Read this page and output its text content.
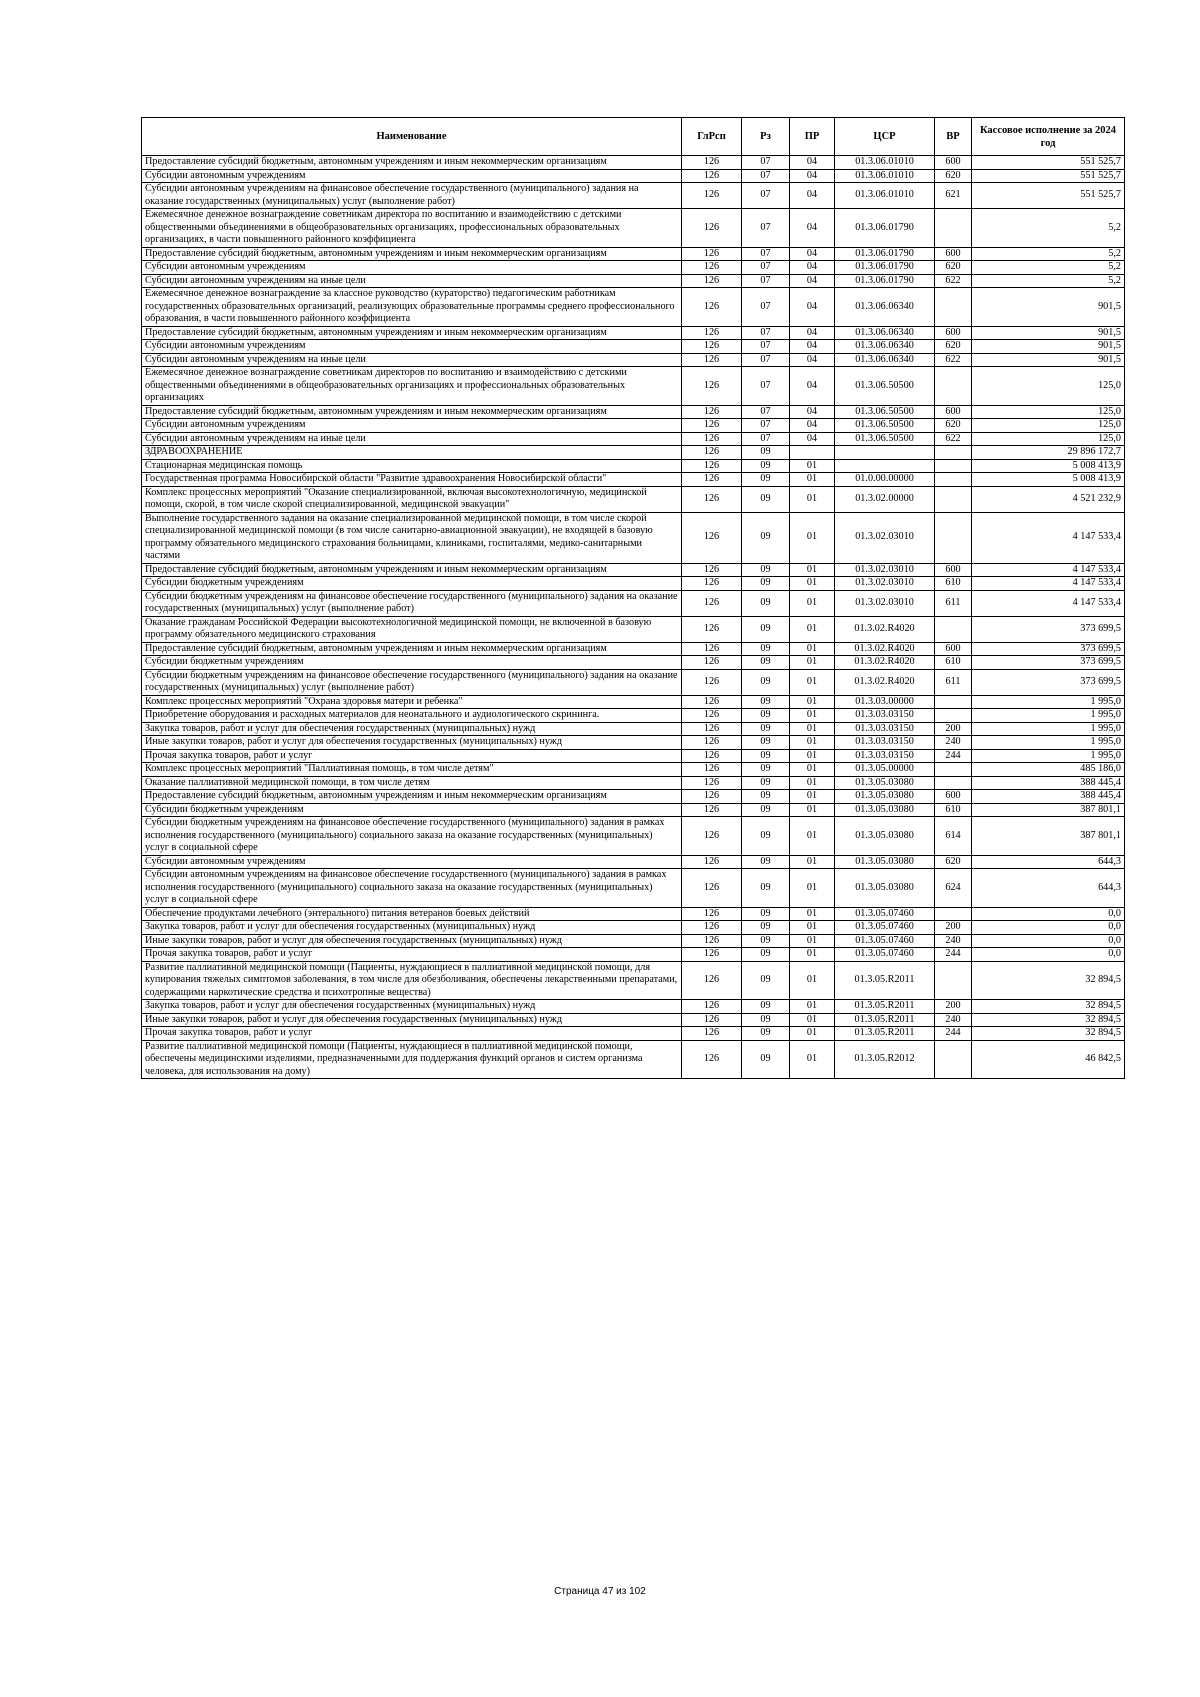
Наименование	ГлРсп	Рз	ПР	ЦСР	ВР	Кассовое исполнение за 2024 год
Предоставление субсидий бюджетным, автономным учреждениям и иным некоммерческим организациям	126	07	04	01.3.06.01010	600	551 525,7
Субсидии автономным учреждениям	126	07	04	01.3.06.01010	620	551 525,7
Субсидии автономным учреждениям на финансовое обеспечение государственного (муниципального) задания на оказание государственных (муниципальных) услуг (выполнение работ)	126	07	04	01.3.06.01010	621	551 525,7
Ежемесячное денежное вознаграждение советникам директора по воспитанию и взаимодействию с детскими общественными объединениями в общеобразовательных организациях, профессиональных образовательных организациях, в части повышенного районного коэффициента	126	07	04	01.3.06.01790		5,2
Предоставление субсидий бюджетным, автономным учреждениям и иным некоммерческим организациям	126	07	04	01.3.06.01790	600	5,2
Субсидии автономным учреждениям	126	07	04	01.3.06.01790	620	5,2
Субсидии автономным учреждениям на иные цели	126	07	04	01.3.06.01790	622	5,2
Ежемесячное денежное вознаграждение за классное руководство (кураторство) педагогическим работникам государственных образовательных организаций, реализующих образовательные программы среднего профессионального образования, в части повышенного районного коэффициента	126	07	04	01.3.06.06340		901,5
Предоставление субсидий бюджетным, автономным учреждениям и иным некоммерческим организациям	126	07	04	01.3.06.06340	600	901,5
Субсидии автономным учреждениям	126	07	04	01.3.06.06340	620	901,5
Субсидии автономным учреждениям на иные цели	126	07	04	01.3.06.06340	622	901,5
Ежемесячное денежное вознаграждение советникам директоров по воспитанию и взаимодействию с детскими общественными объединениями в общеобразовательных организациях и профессиональных образовательных организациях	126	07	04	01.3.06.50500		125,0
Предоставление субсидий бюджетным, автономным учреждениям и иным некоммерческим организациям	126	07	04	01.3.06.50500	600	125,0
Субсидии автономным учреждениям	126	07	04	01.3.06.50500	620	125,0
Субсидии автономным учреждениям на иные цели	126	07	04	01.3.06.50500	622	125,0
ЗДРАВООХРАНЕНИЕ	126	09				29 896 172,7
Стационарная медицинская помощь	126	09	01			5 008 413,9
Государственная программа Новосибирской области "Развитие здравоохранения Новосибирской области"	126	09	01	01.0.00.00000		5 008 413,9
Комплекс процессных мероприятий "Оказание специализированной, включая высокотехнологичную, медицинской помощи, скорой, в том числе скорой специализированной, медицинской эвакуации"	126	09	01	01.3.02.00000		4 521 232,9
Выполнение государственного задания на оказание специализированной медицинской помощи, в том числе скорой специализированной медицинской помощи (в том числе санитарно-авиационной эвакуации), не входящей в базовую программу обязательного медицинского страхования больницами, клиниками, госпиталями, медико-санитарными частями	126	09	01	01.3.02.03010		4 147 533,4
Предоставление субсидий бюджетным, автономным учреждениям и иным некоммерческим организациям	126	09	01	01.3.02.03010	600	4 147 533,4
Субсидии бюджетным учреждениям	126	09	01	01.3.02.03010	610	4 147 533,4
Субсидии бюджетным учреждениям на финансовое обеспечение государственного (муниципального) задания на оказание государственных (муниципальных) услуг (выполнение работ)	126	09	01	01.3.02.03010	611	4 147 533,4
Оказание гражданам Российской Федерации высокотехнологичной медицинской помощи, не включенной в базовую программу обязательного медицинского страхования	126	09	01	01.3.02.R4020		373 699,5
Предоставление субсидий бюджетным, автономным учреждениям и иным некоммерческим организациям	126	09	01	01.3.02.R4020	600	373 699,5
Субсидии бюджетным учреждениям	126	09	01	01.3.02.R4020	610	373 699,5
Субсидии бюджетным учреждениям на финансовое обеспечение государственного (муниципального) задания на оказание государственных (муниципальных) услуг (выполнение работ)	126	09	01	01.3.02.R4020	611	373 699,5
Комплекс процессных мероприятий "Охрана здоровья матери и ребенка"	126	09	01	01.3.03.00000		1 995,0
Приобретение оборудования и расходных материалов для неонатального и аудиологического скрининга.	126	09	01	01.3.03.03150		1 995,0
Закупка товаров, работ и услуг для обеспечения государственных (муниципальных) нужд	126	09	01	01.3.03.03150	200	1 995,0
Иные закупки товаров, работ и услуг для обеспечения государственных (муниципальных) нужд	126	09	01	01.3.03.03150	240	1 995,0
Прочая закупка товаров, работ и услуг	126	09	01	01.3.03.03150	244	1 995,0
Комплекс процессных мероприятий "Паллиативная помощь, в том числе детям"	126	09	01	01.3.05.00000		485 186,0
Оказание паллиативной медицинской помощи, в том числе детям	126	09	01	01.3.05.03080		388 445,4
Предоставление субсидий бюджетным, автономным учреждениям и иным некоммерческим организациям	126	09	01	01.3.05.03080	600	388 445,4
Субсидии бюджетным учреждениям	126	09	01	01.3.05.03080	610	387 801,1
Субсидии бюджетным учреждениям на финансовое обеспечение государственного (муниципального) задания в рамках исполнения государственного (муниципального) социального заказа на оказание государственных (муниципальных) услуг в социальной сфере	126	09	01	01.3.05.03080	614	387 801,1
Субсидии автономным учреждениям	126	09	01	01.3.05.03080	620	644,3
Субсидии автономным учреждениям на финансовое обеспечение государственного (муниципального) задания в рамках исполнения государственного (муниципального) социального заказа на оказание государственных (муниципальных) услуг в социальной сфере	126	09	01	01.3.05.03080	624	644,3
Обеспечение продуктами лечебного (энтерального) питания ветеранов боевых действий	126	09	01	01.3.05.07460		0,0
Закупка товаров, работ и услуг для обеспечения государственных (муниципальных) нужд	126	09	01	01.3.05.07460	200	0,0
Иные закупки товаров, работ и услуг для обеспечения государственных (муниципальных) нужд	126	09	01	01.3.05.07460	240	0,0
Прочая закупка товаров, работ и услуг	126	09	01	01.3.05.07460	244	0,0
Развитие паллиативной медицинской помощи (Пациенты, нуждающиеся в паллиативной медицинской помощи, для купирования тяжелых симптомов заболевания, в том числе для обезболивания, обеспечены лекарственными препаратами, содержащими наркотические средства и психотропные вещества)	126	09	01	01.3.05.R2011		32 894,5
Закупка товаров, работ и услуг для обеспечения государственных (муниципальных) нужд	126	09	01	01.3.05.R2011	200	32 894,5
Иные закупки товаров, работ и услуг для обеспечения государственных (муниципальных) нужд	126	09	01	01.3.05.R2011	240	32 894,5
Прочая закупка товаров, работ и услуг	126	09	01	01.3.05.R2011	244	32 894,5
Развитие паллиативной медицинской помощи (Пациенты, нуждающиеся в паллиативной медицинской помощи, обеспечены медицинскими изделиями, предназначенными для поддержания функций органов и систем организма человека, для использования на дому)	126	09	01	01.3.05.R2012		46 842,5
Страница 47 из 102
